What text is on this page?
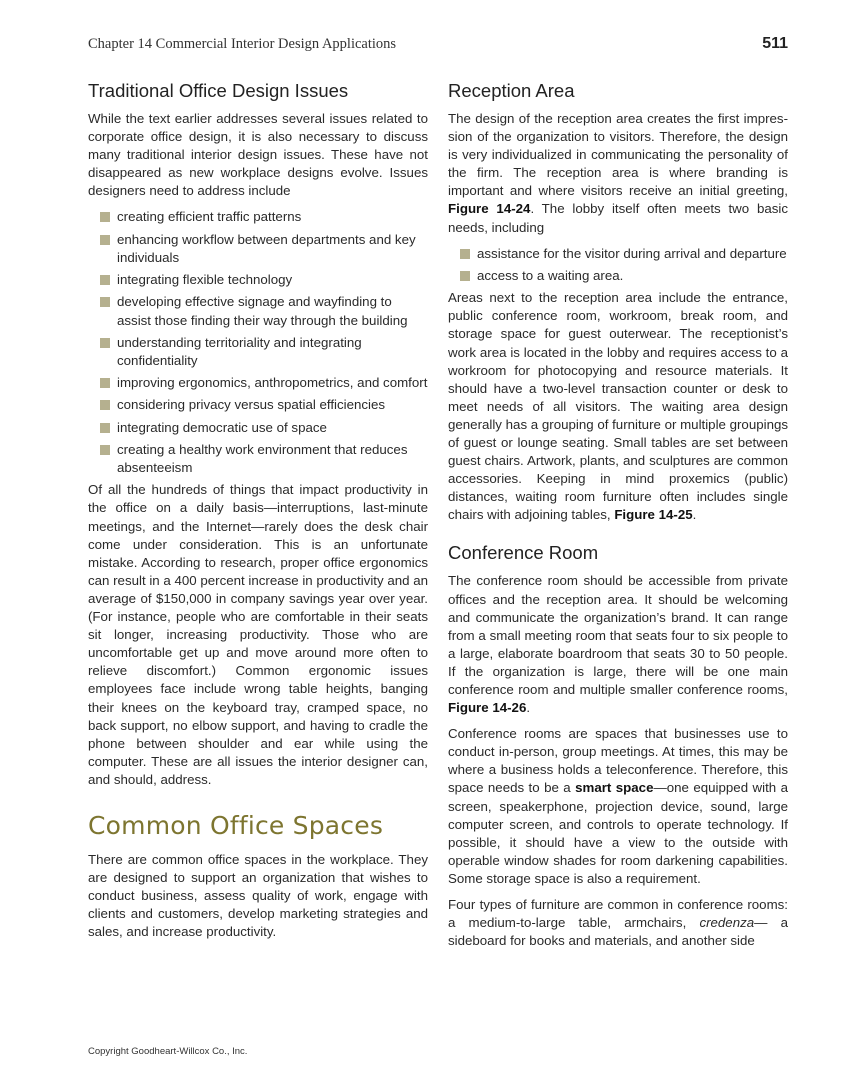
Chapter 14 Commercial Interior Design Applications	511
Traditional Office Design Issues

While the text earlier addresses several issues related to corporate office design, it is also necessary to discuss many traditional interior design issues. These have not disappeared as new workplace designs evolve. Issues designers need to address include

creating efficient traffic patterns
enhancing workflow between departments and key individuals
integrating flexible technology
developing effective signage and wayfinding to assist those finding their way through the building
understanding territoriality and integrating confidentiality
improving ergonomics, anthropometrics, and comfort
considering privacy versus spatial efficiencies
integrating democratic use of space
creating a healthy work environment that reduces absenteeism

Of all the hundreds of things that impact productivity in the office on a daily basis—interruptions, last-minute meetings, and the Internet—rarely does the desk chair come under consideration. This is an unfortunate mistake. According to research, proper office ergonomics can result in a 400 percent increase in productivity and an average of $150,000 in company savings year over year. (For instance, people who are comfortable in their seats sit longer, increasing productivity. Those who are uncomfortable get up and move around more often to relieve discomfort.) Common ergonomic issues employees face include wrong table heights, banging their knees on the keyboard tray, cramped space, no back support, no elbow support, and having to cradle the phone between shoulder and ear while using the computer. These are all issues the interior designer can, and should, address.

Common Office Spaces

There are common office spaces in the workplace. They are designed to support an organization that wishes to conduct business, assess quality of work, engage with clients and customers, develop marketing strategies and sales, and increase productivity.

Reception Area

The design of the reception area creates the first impression of the organization to visitors. Therefore, the design is very individualized in communicating the personality of the firm. The reception area is where branding is important and where visitors receive an initial greeting, Figure 14-24. The lobby itself often meets two basic needs, including

assistance for the visitor during arrival and departure
access to a waiting area.

Areas next to the reception area include the entrance, public conference room, workroom, break room, and storage space for guest outerwear. The receptionist’s work area is located in the lobby and requires access to a workroom for photocopying and resource materials. It should have a two-level transaction counter or desk to meet needs of all visitors. The waiting area design generally has a grouping of furniture or multiple groupings of guest or lounge seating. Small tables are set between guest chairs. Artwork, plants, and sculptures are common accessories. Keeping in mind proxemics (public) distances, waiting room furniture often includes single chairs with adjoining tables, Figure 14-25.

Conference Room

The conference room should be accessible from private offices and the reception area. It should be welcoming and communicate the organization’s brand. It can range from a small meeting room that seats four to six people to a large, elaborate boardroom that seats 30 to 50 people. If the organization is large, there will be one main conference room and multiple smaller conference rooms, Figure 14-26.

Conference rooms are spaces that businesses use to conduct in-person, group meetings. At times, this may be where a business holds a teleconference. Therefore, this space needs to be a smart space—one equipped with a screen, speakerphone, projection device, sound, large computer screen, and controls to operate technology. If possible, it should have a view to the outside with operable window shades for room darkening capabilities. Some storage space is also a requirement.

Four types of furniture are common in conference rooms: a medium-to-large table, armchairs, credenza— a sideboard for books and materials, and another side

Copyright Goodheart-Willcox Co., Inc.
